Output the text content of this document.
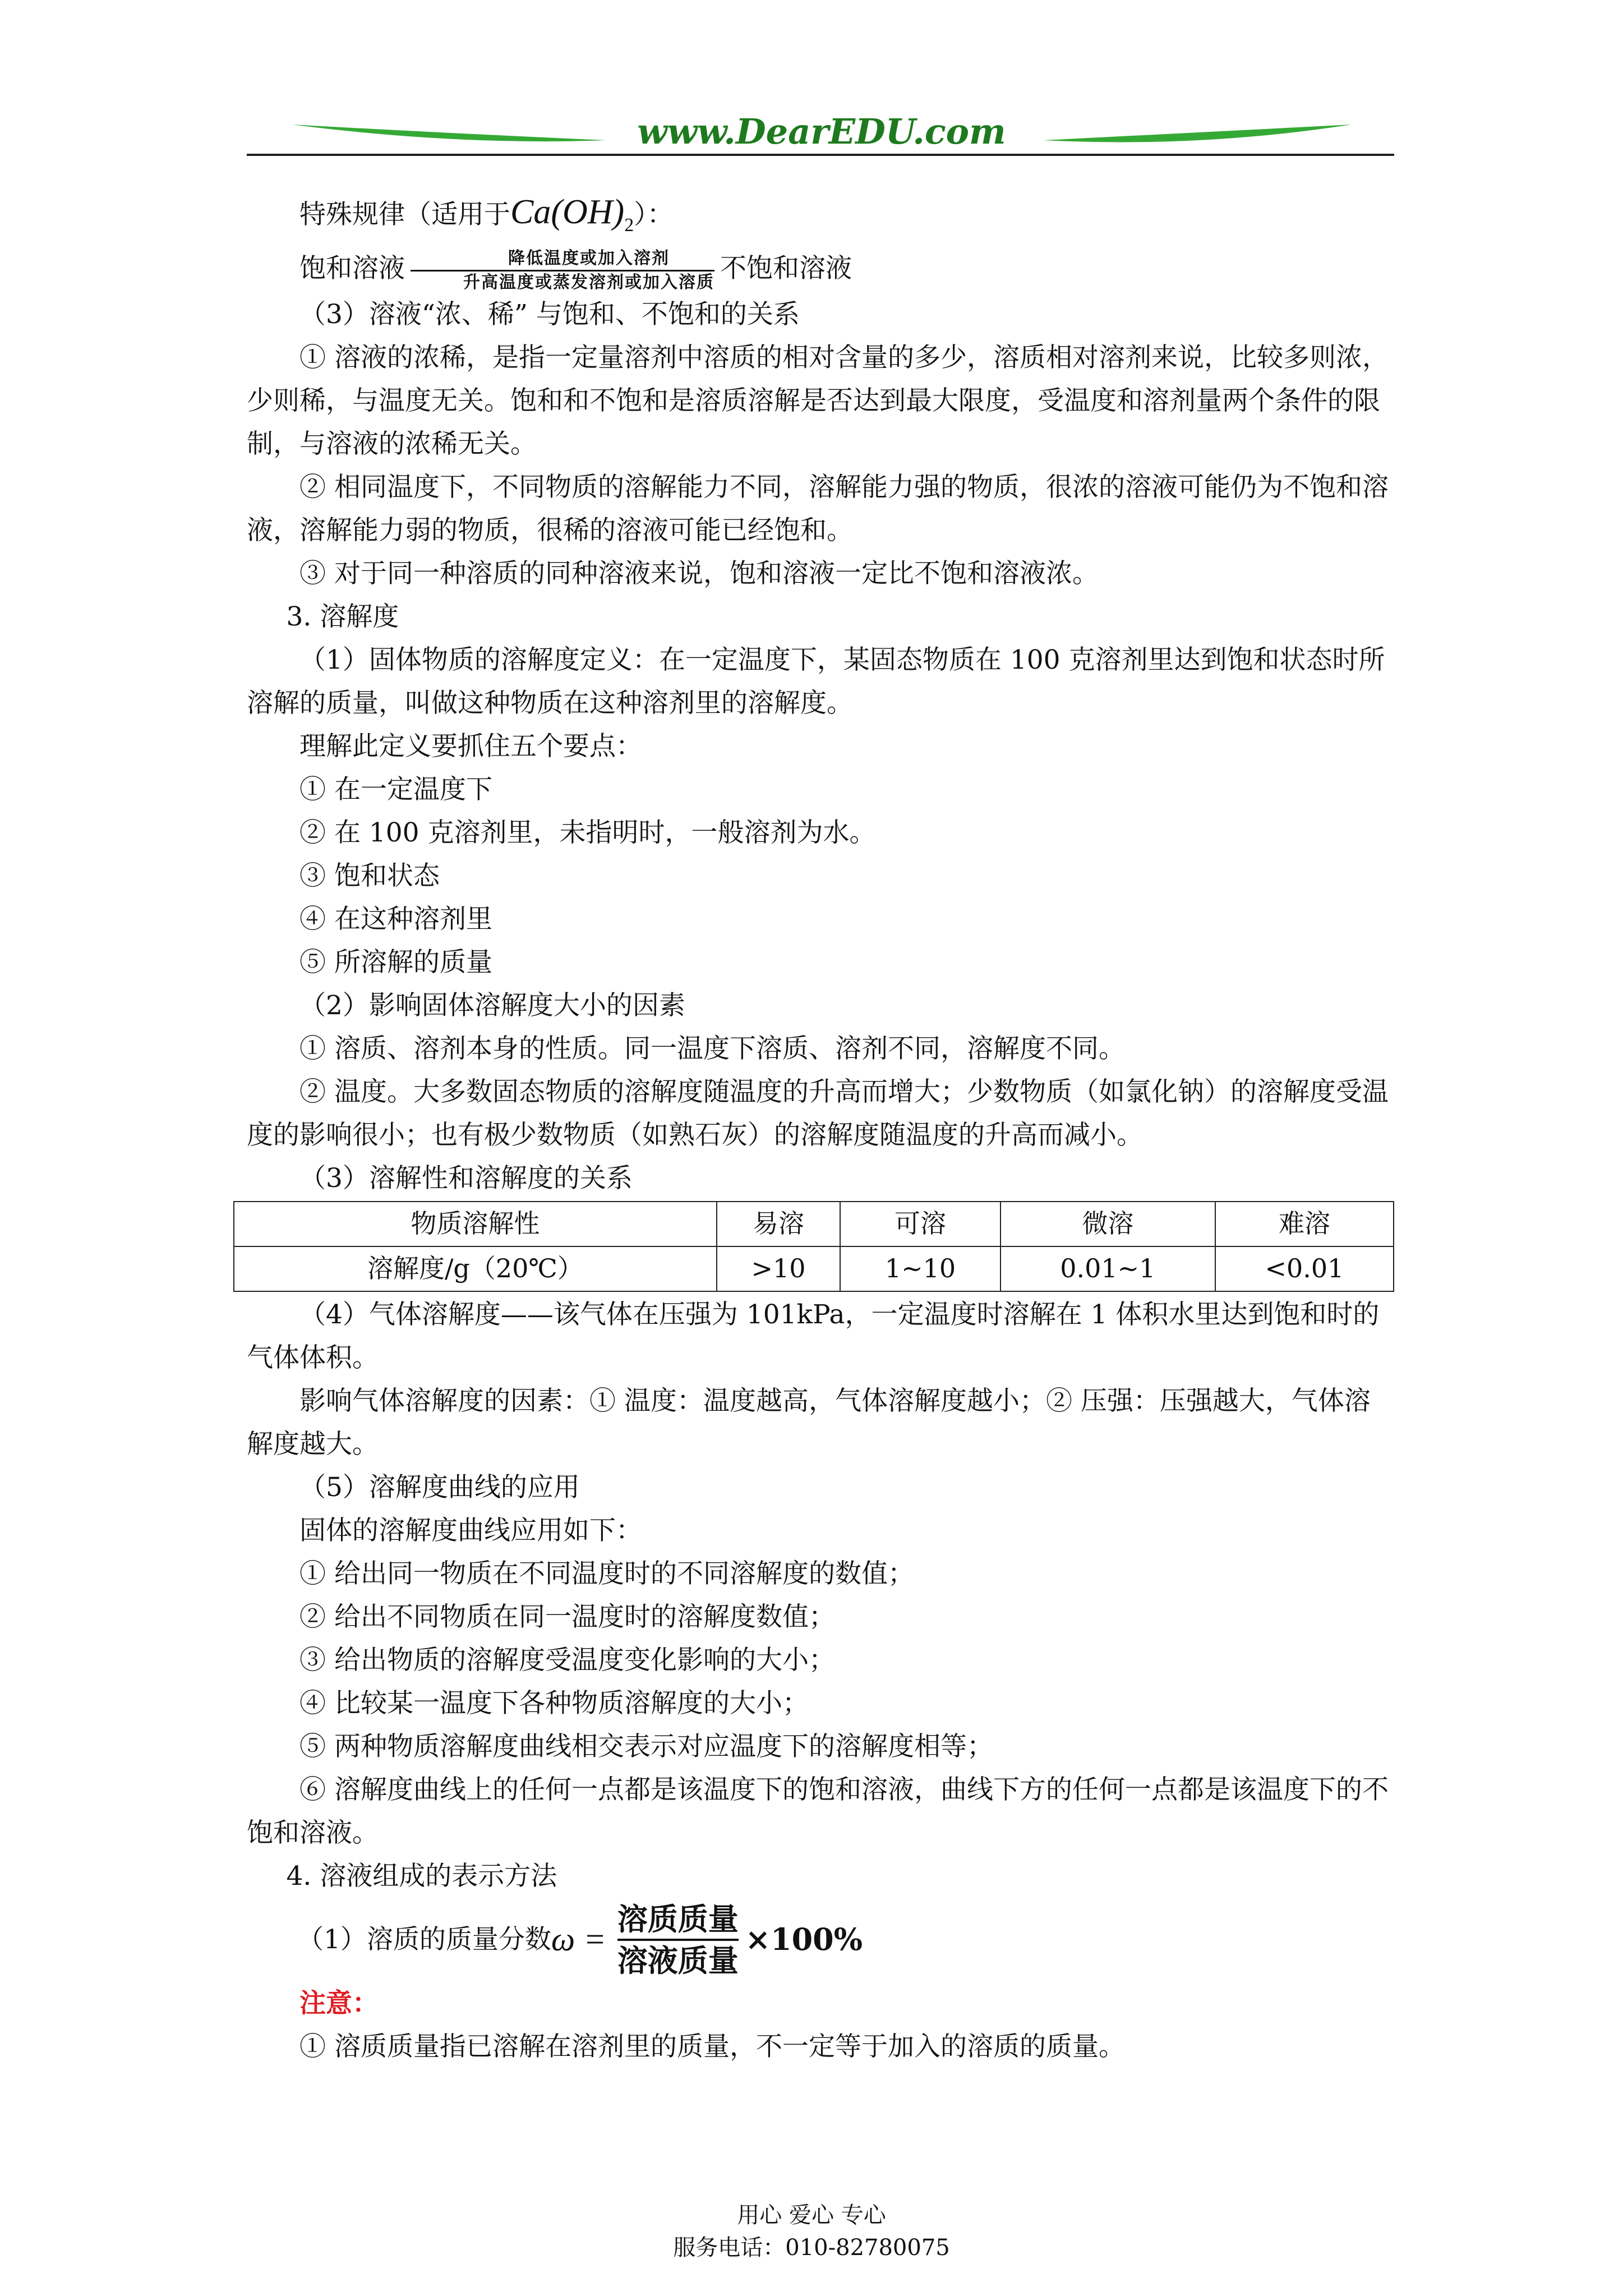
www.DearEDU.com

特殊规律（适用于$Ca(OH)_2$）：

饱和溶液 $\frac{\text{降低温度或加入溶剂}}{\text{升高温度或蒸发溶剂或加入溶质}}$ 不饱和溶液

（3）溶液“浓、稀” 与饱和、不饱和的关系

① 溶液的浓稀，是指一定量溶剂中溶质的相对含量的多少，溶质相对溶剂来说，比较多则浓，少则稀，与温度无关。饱和和不饱和是溶质溶解是否达到最大限度，受温度和溶剂量两个条件的限制，与溶液的浓稀无关。

② 相同温度下，不同物质的溶解能力不同，溶解能力强的物质，很浓的溶液可能仍为不饱和溶液，溶解能力弱的物质，很稀的溶液可能已经饱和。

③ 对于同一种溶质的同种溶液来说，饱和溶液一定比不饱和溶液浓。

3. 溶解度

（1）固体物质的溶解度定义：在一定温度下，某固态物质在 100 克溶剂里达到饱和状态时所溶解的质量，叫做这种物质在这种溶剂里的溶解度。

理解此定义要抓住五个要点：

① 在一定温度下

② 在 100 克溶剂里，未指明时，一般溶剂为水。

③ 饱和状态

④ 在这种溶剂里

⑤ 所溶解的质量

（2）影响固体溶解度大小的因素

① 溶质、溶剂本身的性质。同一温度下溶质、溶剂不同，溶解度不同。

② 温度。大多数固态物质的溶解度随温度的升高而增大；少数物质（如氯化钠）的溶解度受温度的影响很小；也有极少数物质（如熟石灰）的溶解度随温度的升高而减小。

（3）溶解性和溶解度的关系

物质溶解性	易溶	可溶	微溶	难溶
溶解度/g（20℃）	>10	1~10	0.01~1	<0.01

（4）气体溶解度——该气体在压强为 101kPa，一定温度时溶解在 1 体积水里达到饱和时的气体体积。

影响气体溶解度的因素：① 温度：温度越高，气体溶解度越小；② 压强：压强越大，气体溶解度越大。

（5）溶解度曲线的应用

固体的溶解度曲线应用如下：

① 给出同一物质在不同温度时的不同溶解度的数值；

② 给出不同物质在同一温度时的溶解度数值；

③ 给出物质的溶解度受温度变化影响的大小；

④ 比较某一温度下各种物质溶解度的大小；

⑤ 两种物质溶解度曲线相交表示对应温度下的溶解度相等；

⑥ 溶解度曲线上的任何一点都是该温度下的饱和溶液，曲线下方的任何一点都是该温度下的不饱和溶液。

4. 溶液组成的表示方法

（1）溶质的质量分数 $\omega = \frac{\text{溶质质量}}{\text{溶液质量}} \times 100\%$

注意：

① 溶质质量指已溶解在溶剂里的质量，不一定等于加入的溶质的质量。

用心 爱心 专心
服务电话：010-82780075
